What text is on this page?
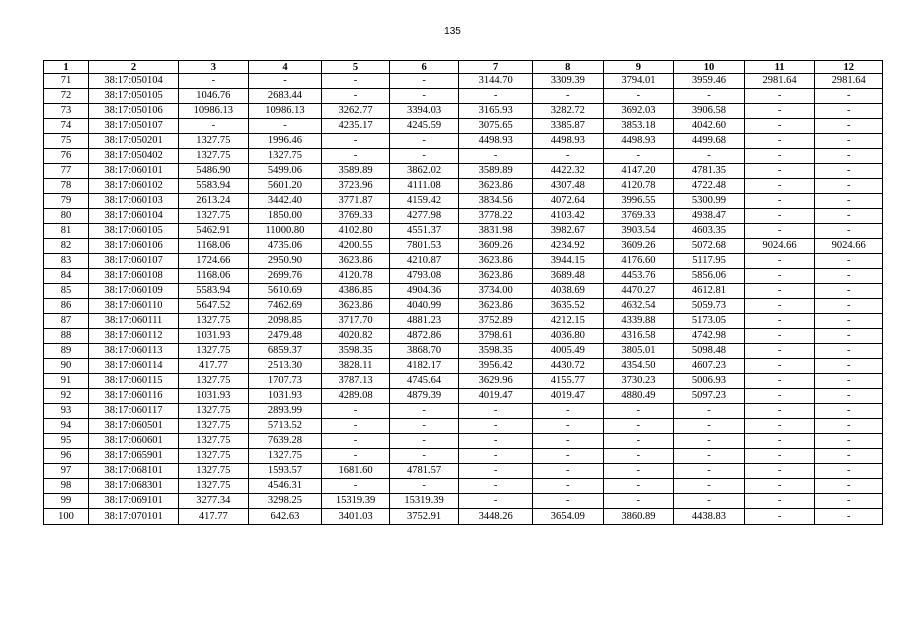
135
1	2	3	4	5	6	7	8	9	10	11	12
71	38:17:050104	-	-	-	-	3144.70	3309.39	3794.01	3959.46	2981.64	2981.64
72	38:17:050105	1046.76	2683.44	-	-	-	-	-	-	-	-
73	38:17:050106	10986.13	10986.13	3262.77	3394.03	3165.93	3282.72	3692.03	3906.58	-	-
74	38:17:050107	-	-	4235.17	4245.59	3075.65	3385.87	3853.18	4042.60	-	-
75	38:17:050201	1327.75	1996.46	-	-	4498.93	4498.93	4498.93	4499.68	-	-
76	38:17:050402	1327.75	1327.75	-	-	-	-	-	-	-	-
77	38:17:060101	5486.90	5499.06	3589.89	3862.02	3589.89	4422.32	4147.20	4781.35	-	-
78	38:17:060102	5583.94	5601.20	3723.96	4111.08	3623.86	4307.48	4120.78	4722.48	-	-
79	38:17:060103	2613.24	3442.40	3771.87	4159.42	3834.56	4072.64	3996.55	5300.99	-	-
80	38:17:060104	1327.75	1850.00	3769.33	4277.98	3778.22	4103.42	3769.33	4938.47	-	-
81	38:17:060105	5462.91	11000.80	4102.80	4551.37	3831.98	3982.67	3903.54	4603.35	-	-
82	38:17:060106	1168.06	4735.06	4200.55	7801.53	3609.26	4234.92	3609.26	5072.68	9024.66	9024.66
83	38:17:060107	1724.66	2950.90	3623.86	4210.87	3623.86	3944.15	4176.60	5117.95	-	-
84	38:17:060108	1168.06	2699.76	4120.78	4793.08	3623.86	3689.48	4453.76	5856.06	-	-
85	38:17:060109	5583.94	5610.69	4386.85	4904.36	3734.00	4038.69	4470.27	4612.81	-	-
86	38:17:060110	5647.52	7462.69	3623.86	4040.99	3623.86	3635.52	4632.54	5059.73	-	-
87	38:17:060111	1327.75	2098.85	3717.70	4881.23	3752.89	4212.15	4339.88	5173.05	-	-
88	38:17:060112	1031.93	2479.48	4020.82	4872.86	3798.61	4036.80	4316.58	4742.98	-	-
89	38:17:060113	1327.75	6859.37	3598.35	3868.70	3598.35	4005.49	3805.01	5098.48	-	-
90	38:17:060114	417.77	2513.30	3828.11	4182.17	3956.42	4430.72	4354.50	4607.23	-	-
91	38:17:060115	1327.75	1707.73	3787.13	4745.64	3629.96	4155.77	3730.23	5006.93	-	-
92	38:17:060116	1031.93	1031.93	4289.08	4879.39	4019.47	4019.47	4880.49	5097.23	-	-
93	38:17:060117	1327.75	2893.99	-	-	-	-	-	-	-	-
94	38:17:060501	1327.75	5713.52	-	-	-	-	-	-	-	-
95	38:17:060601	1327.75	7639.28	-	-	-	-	-	-	-	-
96	38:17:065901	1327.75	1327.75	-	-	-	-	-	-	-	-
97	38:17:068101	1327.75	1593.57	1681.60	4781.57	-	-	-	-	-	-
98	38:17:068301	1327.75	4546.31	-	-	-	-	-	-	-	-
99	38:17:069101	3277.34	3298.25	15319.39	15319.39	-	-	-	-	-	-
100	38:17:070101	417.77	642.63	3401.03	3752.91	3448.26	3654.09	3860.89	4438.83	-	-
